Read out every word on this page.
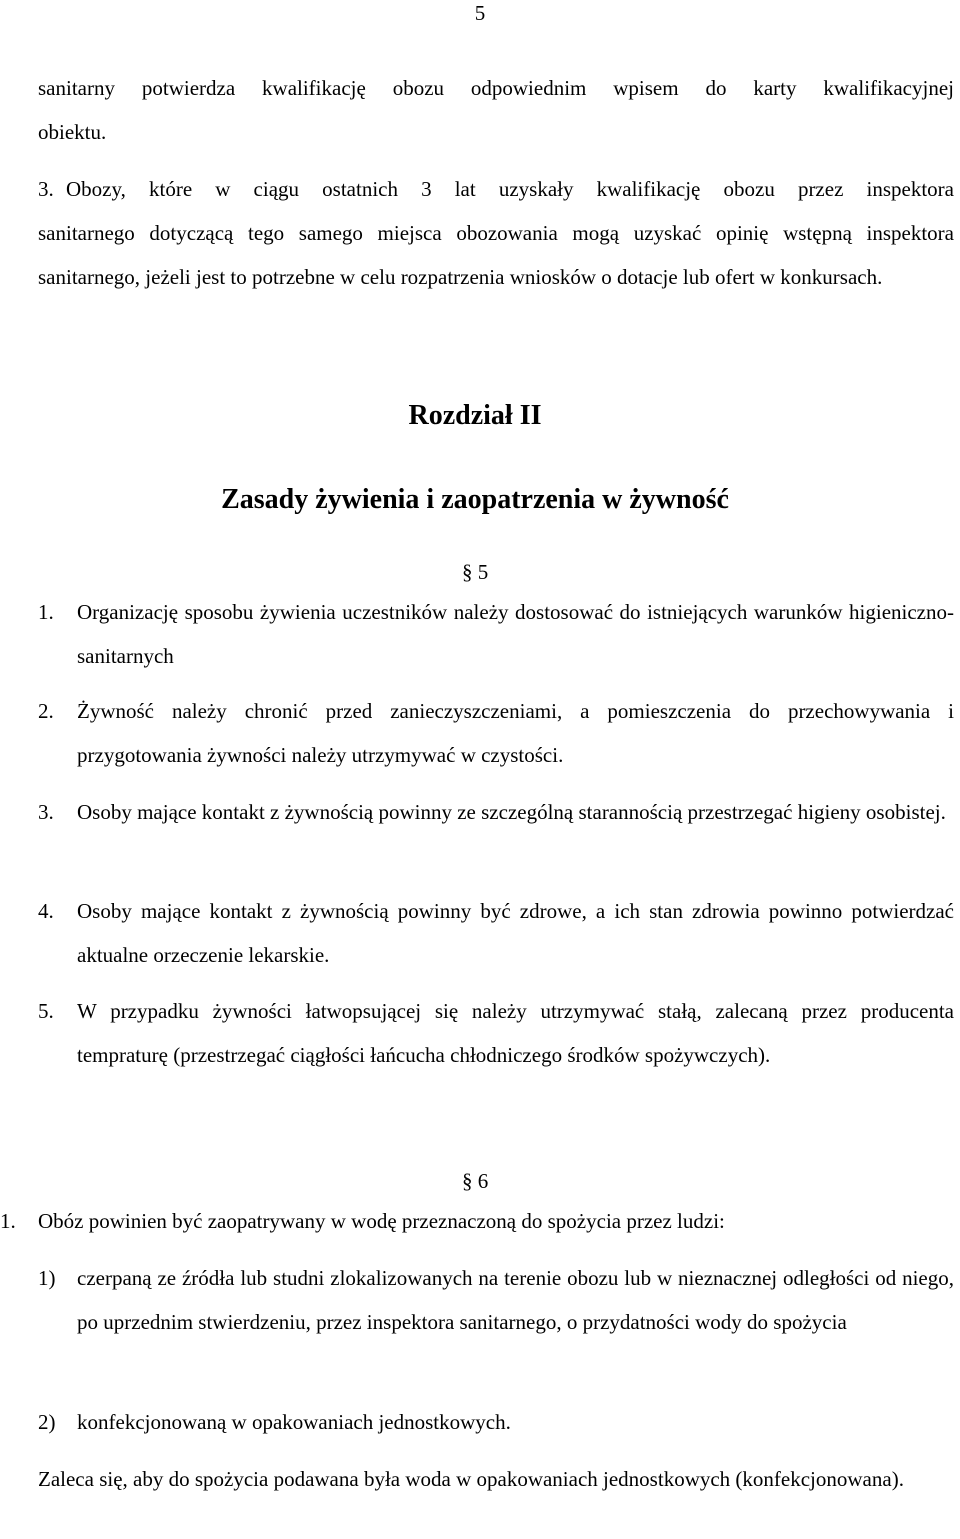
5
sanitarny potwierdza kwalifikację obozu odpowiednim wpisem do karty kwalifikacyjnej
obiektu.
3. Obozy, które w ciągu ostatnich 3 lat uzyskały kwalifikację obozu przez inspektora
sanitarnego dotyczącą tego samego miejsca obozowania mogą uzyskać opinię wstępną inspektora sanitarnego, jeżeli jest to potrzebne w celu rozpatrzenia wniosków o dotacje lub ofert w konkursach.
Rozdział II
Zasady żywienia i zaopatrzenia w żywność
§ 5
1. Organizację sposobu żywienia uczestników należy dostosować do istniejących warunków higieniczno-sanitarnych
2. Żywność należy chronić przed zanieczyszczeniami, a pomieszczenia do przechowywania i przygotowania żywności należy utrzymywać w czystości.
3. Osoby mające kontakt z żywnością powinny ze szczególną starannością przestrzegać higieny osobistej.
4. Osoby mające kontakt z żywnością powinny być zdrowe, a ich stan zdrowia powinno potwierdzać aktualne orzeczenie lekarskie.
5. W przypadku żywności łatwopsującej się należy utrzymywać stałą, zalecaną przez producenta tempraturę (przestrzegać ciągłości łańcucha chłodniczego środków spożywczych).
§ 6
1. Obóz powinien być zaopatrywany w wodę przeznaczoną do spożycia przez ludzi:
1) czerpaną ze źródła lub studni zlokalizowanych na terenie obozu lub w nieznacznej odległości od niego, po uprzednim stwierdzeniu, przez inspektora sanitarnego, o przydatności wody do spożycia
2) konfekcjonowaną w opakowaniach jednostkowych.
Zaleca się, aby do spożycia podawana była woda w opakowaniach jednostkowych (konfekcjonowana).
